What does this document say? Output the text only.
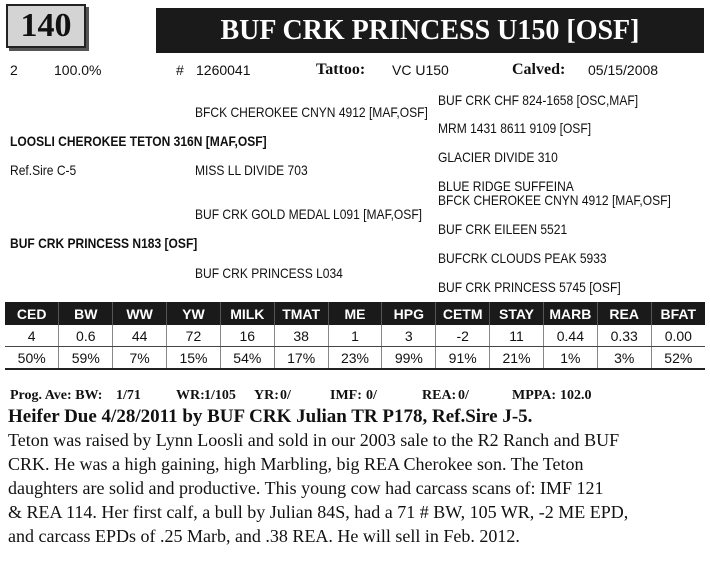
140	BUF CRK PRINCESS U150 [OSF]
2	100.0%	# 1260041	Tattoo: VC U150	Calved: 05/15/2008
BFCK CHEROKEE CNYN 4912 [MAF,OSF]
BUF CRK CHF 824-1658 [OSC,MAF]
MRM 1431 8611 9109 [OSF]
LOOSLI CHEROKEE TETON 316N [MAF,OSF]
GLACIER DIVIDE 310
Ref.Sire C-5	MISS LL DIVIDE 703
BLUE RIDGE SUFFEINA
BFCK CHEROKEE CNYN 4912 [MAF,OSF]
BUF CRK GOLD MEDAL L091 [MAF,OSF]
BUF CRK EILEEN 5521
BUF CRK PRINCESS N183 [OSF]
BUFCRK CLOUDS PEAK 5933
BUF CRK PRINCESS L034
BUF CRK PRINCESS 5745 [OSF]
CED	BW	WW	YW	MILK	TMAT	ME	HPG	CETM	STAY	MARB	REA	BFAT
4	0.6	44	72	16	38	1	3	-2	11	0.44	0.33	0.00
50%	59%	7%	15%	54%	17%	23%	99%	91%	21%	1%	3%	52%
Prog. Ave: BW: 1/71	WR: 1/105 YR: 0/	IMF: 0/	REA: 0/	MPPA: 102.0
Heifer Due 4/28/2011 by BUF CRK Julian TR P178, Ref.Sire J-5.
Teton was raised by Lynn Loosli and sold in our 2003 sale to the R2 Ranch and BUF
CRK. He was a high gaining, high Marbling, big REA Cherokee son. The Teton
daughters are solid and productive. This young cow had carcass scans of: IMF 121
& REA 114. Her first calf, a bull by Julian 84S, had a 71 # BW, 105 WR, -2 ME EPD,
and carcass EPDs of .25 Marb, and .38 REA. He will sell in Feb. 2012.
